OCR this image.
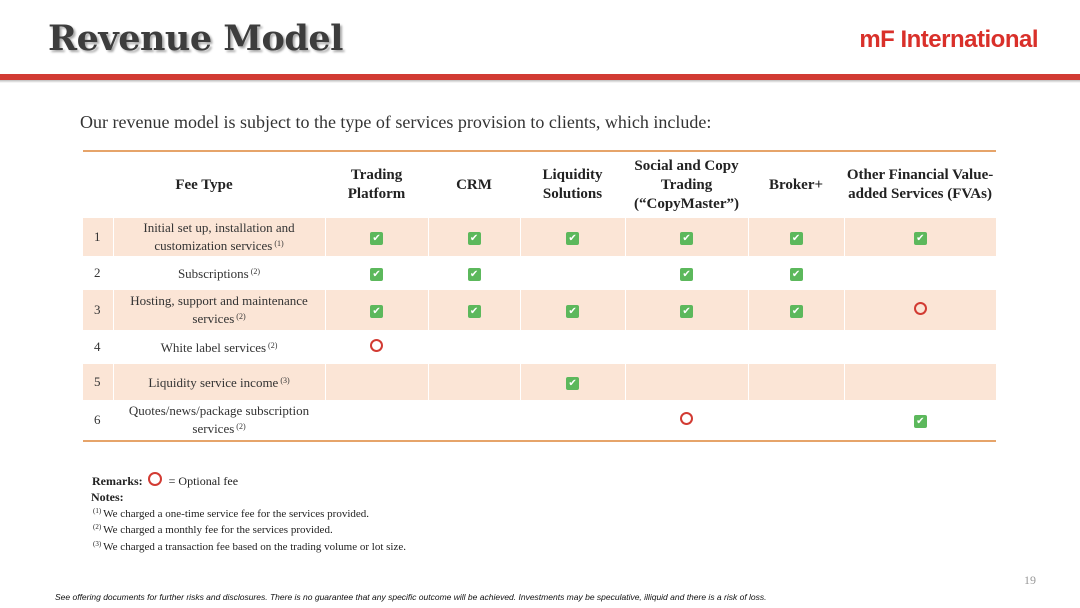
Revenue Model	mF International

Our revenue model is subject to the type of services provision to clients, which include:

Fee Type		Trading Platform	CRM	Liquidity Solutions	Social and Copy Trading (“CopyMaster”)	Broker+	Other Financial Value-added Services (FVAs)
1	Initial set up, installation and customization services $^{(1)}$	✔	✔	✔	✔	✔	✔
2	Subscriptions $^{(2)}$	✔	✔		✔	✔	
3	Hosting, support and maintenance services $^{(2)}$	✔	✔	✔	✔	✔	
4	White label services $^{(2)}$						
5	Liquidity service income $^{(3)}$			✔			
6	Quotes/news/package subscription services $^{(2)}$						✔
Remarks: = Optional fee
Notes:
$^{(1)}$ We charged a one-time service fee for the services provided.
$^{(2)}$ We charged a monthly fee for the services provided.
$^{(3)}$ We charged a transaction fee based on the trading volume or lot size.
19
See offering documents for further risks and disclosures. There is no guarantee that any specific outcome will be achieved. Investments may be speculative, illiquid and there is a risk of loss.
